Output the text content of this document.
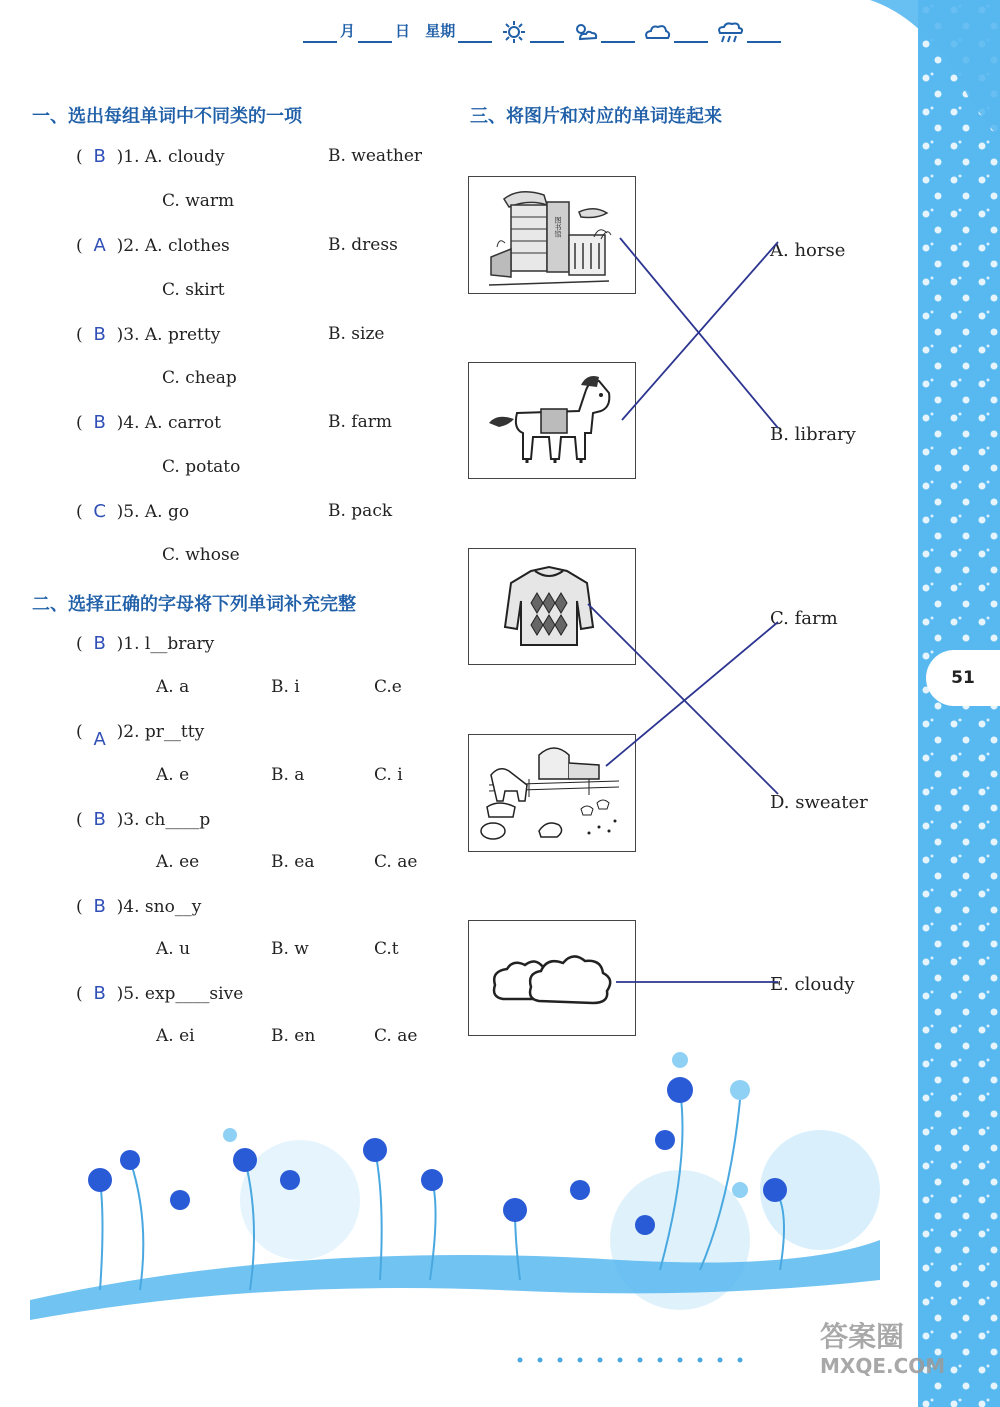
月	日 星期
一、选出每组单词中不同类的一项
( B )1. A. cloudy	B. weather
C. warm
( A )2. A. clothes	B. dress
C. skirt
( B )3. A. pretty	B. size
C. cheap
( B )4. A. carrot	B. farm
C. potato
( C )5. A. go	B. pack
C. whose
二、选择正确的字母将下列单词补充完整
( B )1. l__brary
A. a	B. i	C.e
( A )2. pr__tty
A. e	B. a	C. i
( B )3. ch____p
A. ee	B. ea	C. ae
( B )4. sno__y
A. u	B. w	C.t
( B )5. exp____sive
A. ei	B. en	C. ae
三、将图片和对应的单词连起来
图书馆
A. horse
B. library
C. farm
D. sweater
E. cloudy
51
答案圈
MXQE.COM
